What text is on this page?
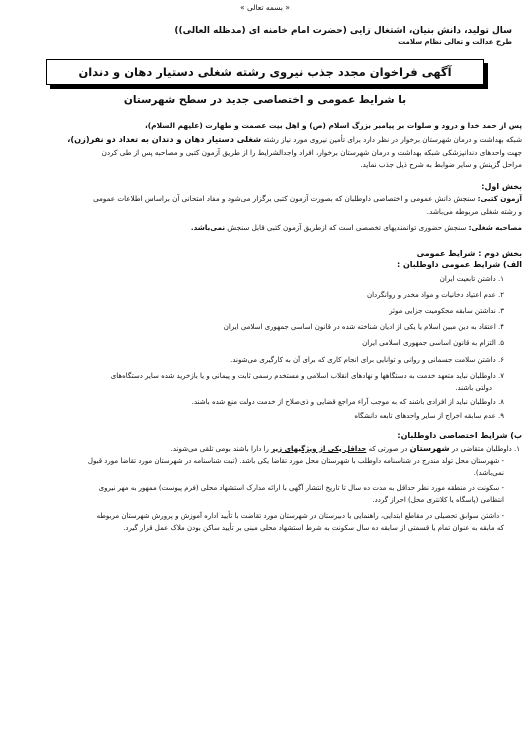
« بسمه تعالی »
سال تولید، دانش بنیان، اشتغال زایی (حضرت امام خامنه ای (مدظله العالی))
طرح عدالت و تعالی نظام سلامت
آگهی فراخوان مجدد جذب نیروی رشته شغلی دستیار دهان و دندان
با شرایط عمومی و اختصاصی جدید در سطح شهرستان
پس از حمد خدا و درود و صلوات بر پیامبر بزرگ اسلام (ص) و اهل بیت عصمت و طهارت (علیهم السلام)،
شبکه بهداشت و درمان شهرستان برخوار در نظر دارد برای تأمین نیروی مورد نیاز رشته شغلی دستیار دهان و دندان به تعداد دو نفر(زن)،
جهت واحدهای دندانپزشکی شبکه بهداشت و درمان شهرستان برخوار، افراد واجدالشرایط را از طریق آزمون کتبی و مصاحبه پس از طی کردن
مراحل گزینش و سایر ضوابط به شرح ذیل جذب نماید.
بخش اول:
آزمون کتبی: سنجش دانش عمومی و اختصاصی داوطلبان که بصورت آزمون کتبی برگزار می‌شود و مفاد امتحانی آن براساس اطلاعات عمومی
و رشته شغلی مربوطه می‌باشد.
مصاحبه شغلی: سنجش حضوری توانمندیهای تخصصی است که ازطریق آزمون کتبی قابل سنجش نمی‌باشد.
بخش دوم : شرایط عمومی
الف) شرایط عمومی داوطلبان :
۱. داشتن تابعیت ایران
۲. عدم اعتیاد دخانیات و مواد مخدر و روانگردان
۳. نداشتن سابقه محکومیت جزایی موثر
۴. اعتقاد به دین مبین اسلام یا یکی از ادیان شناخته شده در قانون اساسی جمهوری اسلامی ایران
۵. التزام به قانون اساسی جمهوری اسلامی ایران
۶. داشتن سلامت جسمانی و روانی و توانایی برای انجام کاری که برای آن به کارگیری می‌شوند.
۷. داوطلبان نباید متعهد خدمت به دستگاهها و نهادهای انقلاب اسلامی و مستخدم رسمی ثابت و پیمانی و یا بازخرید شده سایر دستگاه‌های
دولتی باشند.
۸. داوطلبان نباید از افرادی باشند که به موجب آراء مراجع قضایی و ذی‌صلاح از خدمت دولت منع شده باشند.
۹. عدم سابقه اخراج از سایر واحدهای تابعه دانشگاه
ب) شرایط اختصاصی داوطلبان:
۱. داوطلبان متقاضی در شهرستان در صورتی که حداقل یکی از ویژگیهای زیر را دارا باشند بومی تلقی می‌شوند.
- شهرستان محل تولد مندرج در شناسنامه داوطلب با شهرستان محل مورد تقاضا یکی باشد. (تبت شناسنامه در شهرستان مورد تقاضا مورد قبول
نمی‌باشد).
- سکونت در منطقه مورد نظر حداقل به مدت ده سال تا تاریخ انتشار آگهی با ارائه مدارک استشهاد محلی (فرم پیوست) ممهور به مهر نیروی
انتظامی (پاسگاه یا کلانتری محل) احراز گردد.
- داشتن سوابق تحصیلی در مقاطع ابتدایی، راهنمایی یا دبیرستان در شهرستان مورد تقاضت با تأیید اداره آموزش و پرورش شهرستان مربوطه
که مابقه به عنوان تمام یا قسمتی از سابقه ده سال سکونت به شرط استشهاد محلی مبنی بر تأیید ساکن بودن ملاک عمل قرار گیرد.
